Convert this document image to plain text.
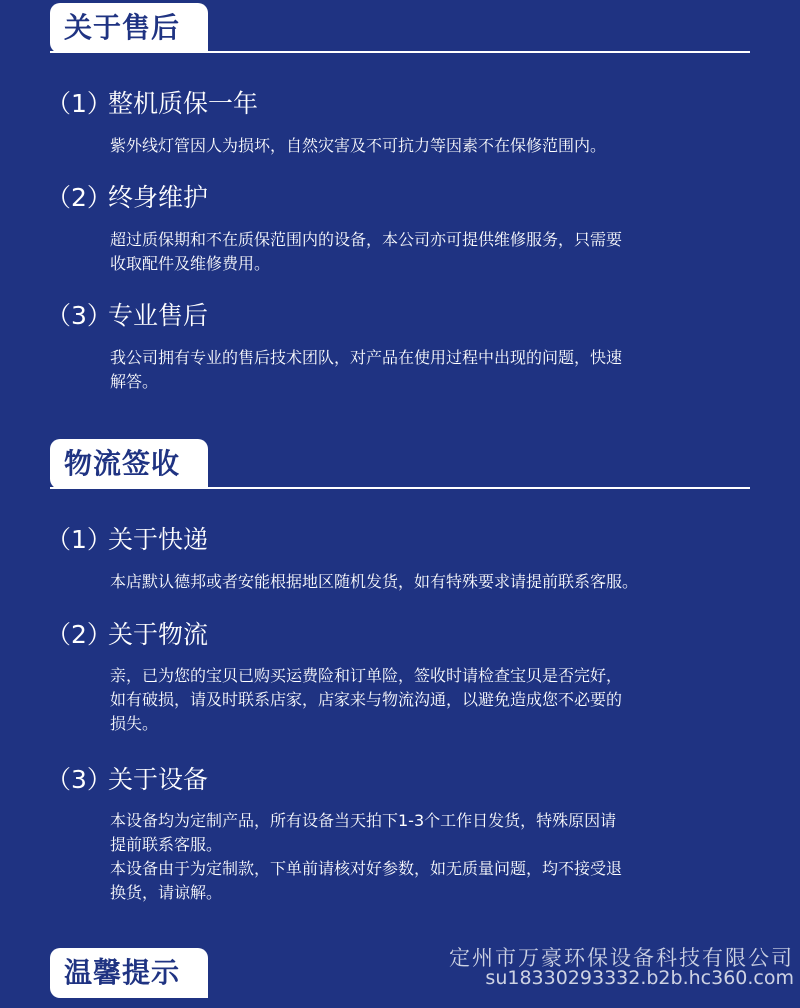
关于售后
（1）整机质保一年

紫外线灯管因人为损坏，自然灾害及不可抗力等因素不在保修范围内。

（2）终身维护

超过质保期和不在质保范围内的设备，本公司亦可提供维修服务，只需要

收取配件及维修费用。

（3）专业售后

我公司拥有专业的售后技术团队，对产品在使用过程中出现的问题，快速

解答。

物流签收
（1）关于快递

本店默认德邦或者安能根据地区随机发货，如有特殊要求请提前联系客服。

（2）关于物流

亲，已为您的宝贝已购买运费险和订单险，签收时请检查宝贝是否完好，

如有破损，请及时联系店家，店家来与物流沟通，以避免造成您不必要的

损失。

（3）关于设备

本设备均为定制产品，所有设备当天拍下1-3个工作日发货，特殊原因请

提前联系客服。

本设备由于为定制款，下单前请核对好参数，如无质量问题，均不接受退

换货，请谅解。

温馨提示	定州市万豪环保设备科技有限公司
su18330293332.b2b.hc360.com
